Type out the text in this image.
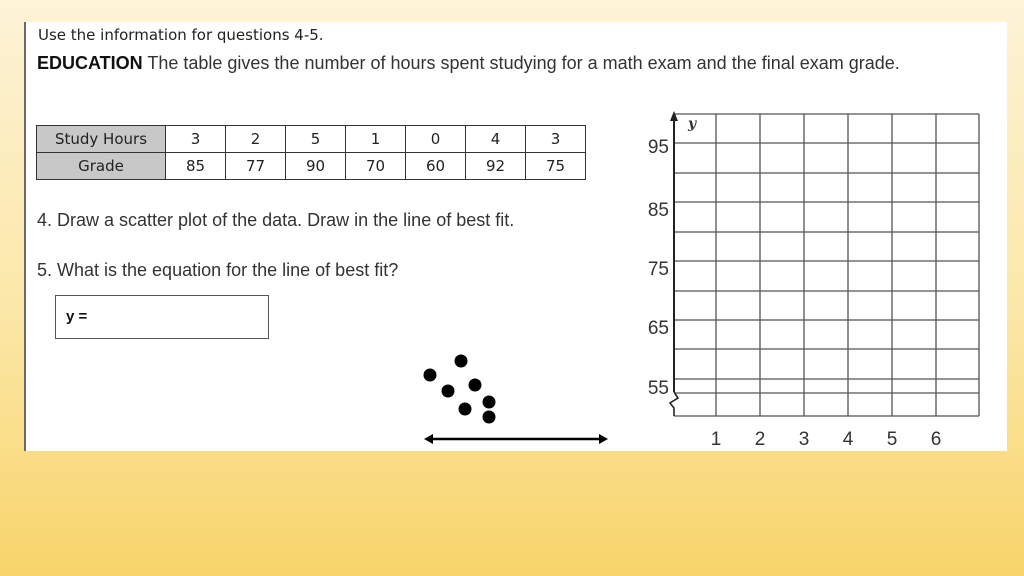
Use the information for questions 4-5.
EDUCATION The table gives the number of hours spent studying for a math exam and the final exam grade.
Study Hours	3	2	5	1	0	4	3
Grade	85	77	90	70	60	92	75
4. Draw a scatter plot of the data. Draw in the line of best fit.
5. What is the equation for the line of best fit?
y =
y
95
85
75
65
55
1 2 3 4 5 6
